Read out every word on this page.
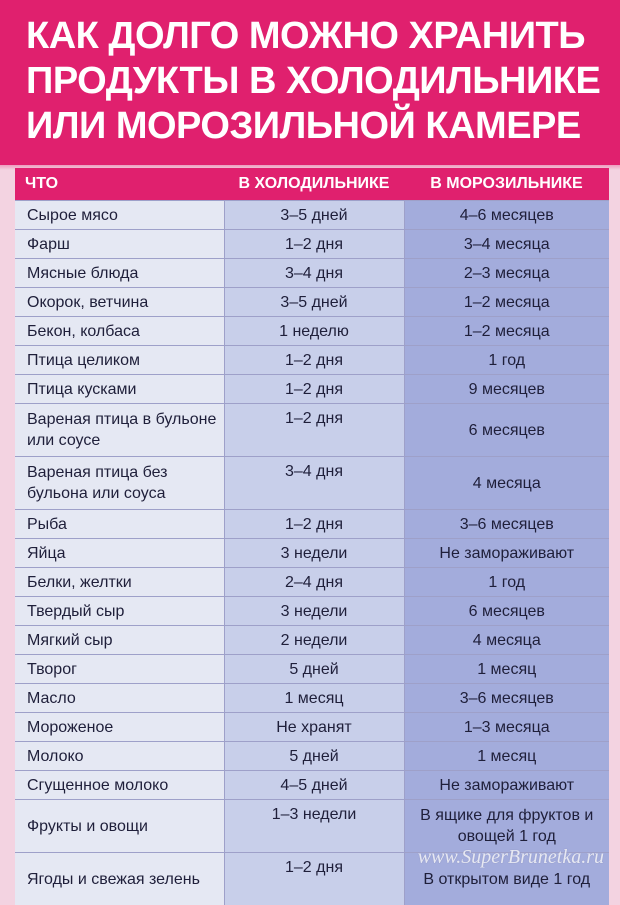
КАК ДОЛГО МОЖНО ХРАНИТЬ
ПРОДУКТЫ В ХОЛОДИЛЬНИКЕ
ИЛИ МОРОЗИЛЬНОЙ КАМЕРЕ
ЧТО	В ХОЛОДИЛЬНИКЕ	В МОРОЗИЛЬНИКЕ
Сырое мясо	3–5 дней	4–6 месяцев
Фарш	1–2 дня	3–4 месяца
Мясные блюда	3–4 дня	2–3 месяца
Окорок, ветчина	3–5 дней	1–2 месяца
Бекон, колбаса	1 неделю	1–2 месяца
Птица целиком	1–2 дня	1 год
Птица кусками	1–2 дня	9 месяцев
Вареная птица в бульоне или соусе	1–2 дня	6 месяцев
Вареная птица без бульона или соуса	3–4 дня	4 месяца
Рыба	1–2 дня	3–6 месяцев
Яйца	3 недели	Не замораживают
Белки, желтки	2–4 дня	1 год
Твердый сыр	3 недели	6 месяцев
Мягкий сыр	2 недели	4 месяца
Творог	5 дней	1 месяц
Масло	1 месяц	3–6 месяцев
Мороженое	Не хранят	1–3 месяца
Молоко	5 дней	1 месяц
Сгущенное молоко	4–5 дней	Не замораживают
Фрукты и овощи	1–3 недели	В ящике для фруктов и овощей 1 год
Ягоды и свежая зелень	1–2 дня	В открытом виде 1 год
www.SuperBrunetka.ru
